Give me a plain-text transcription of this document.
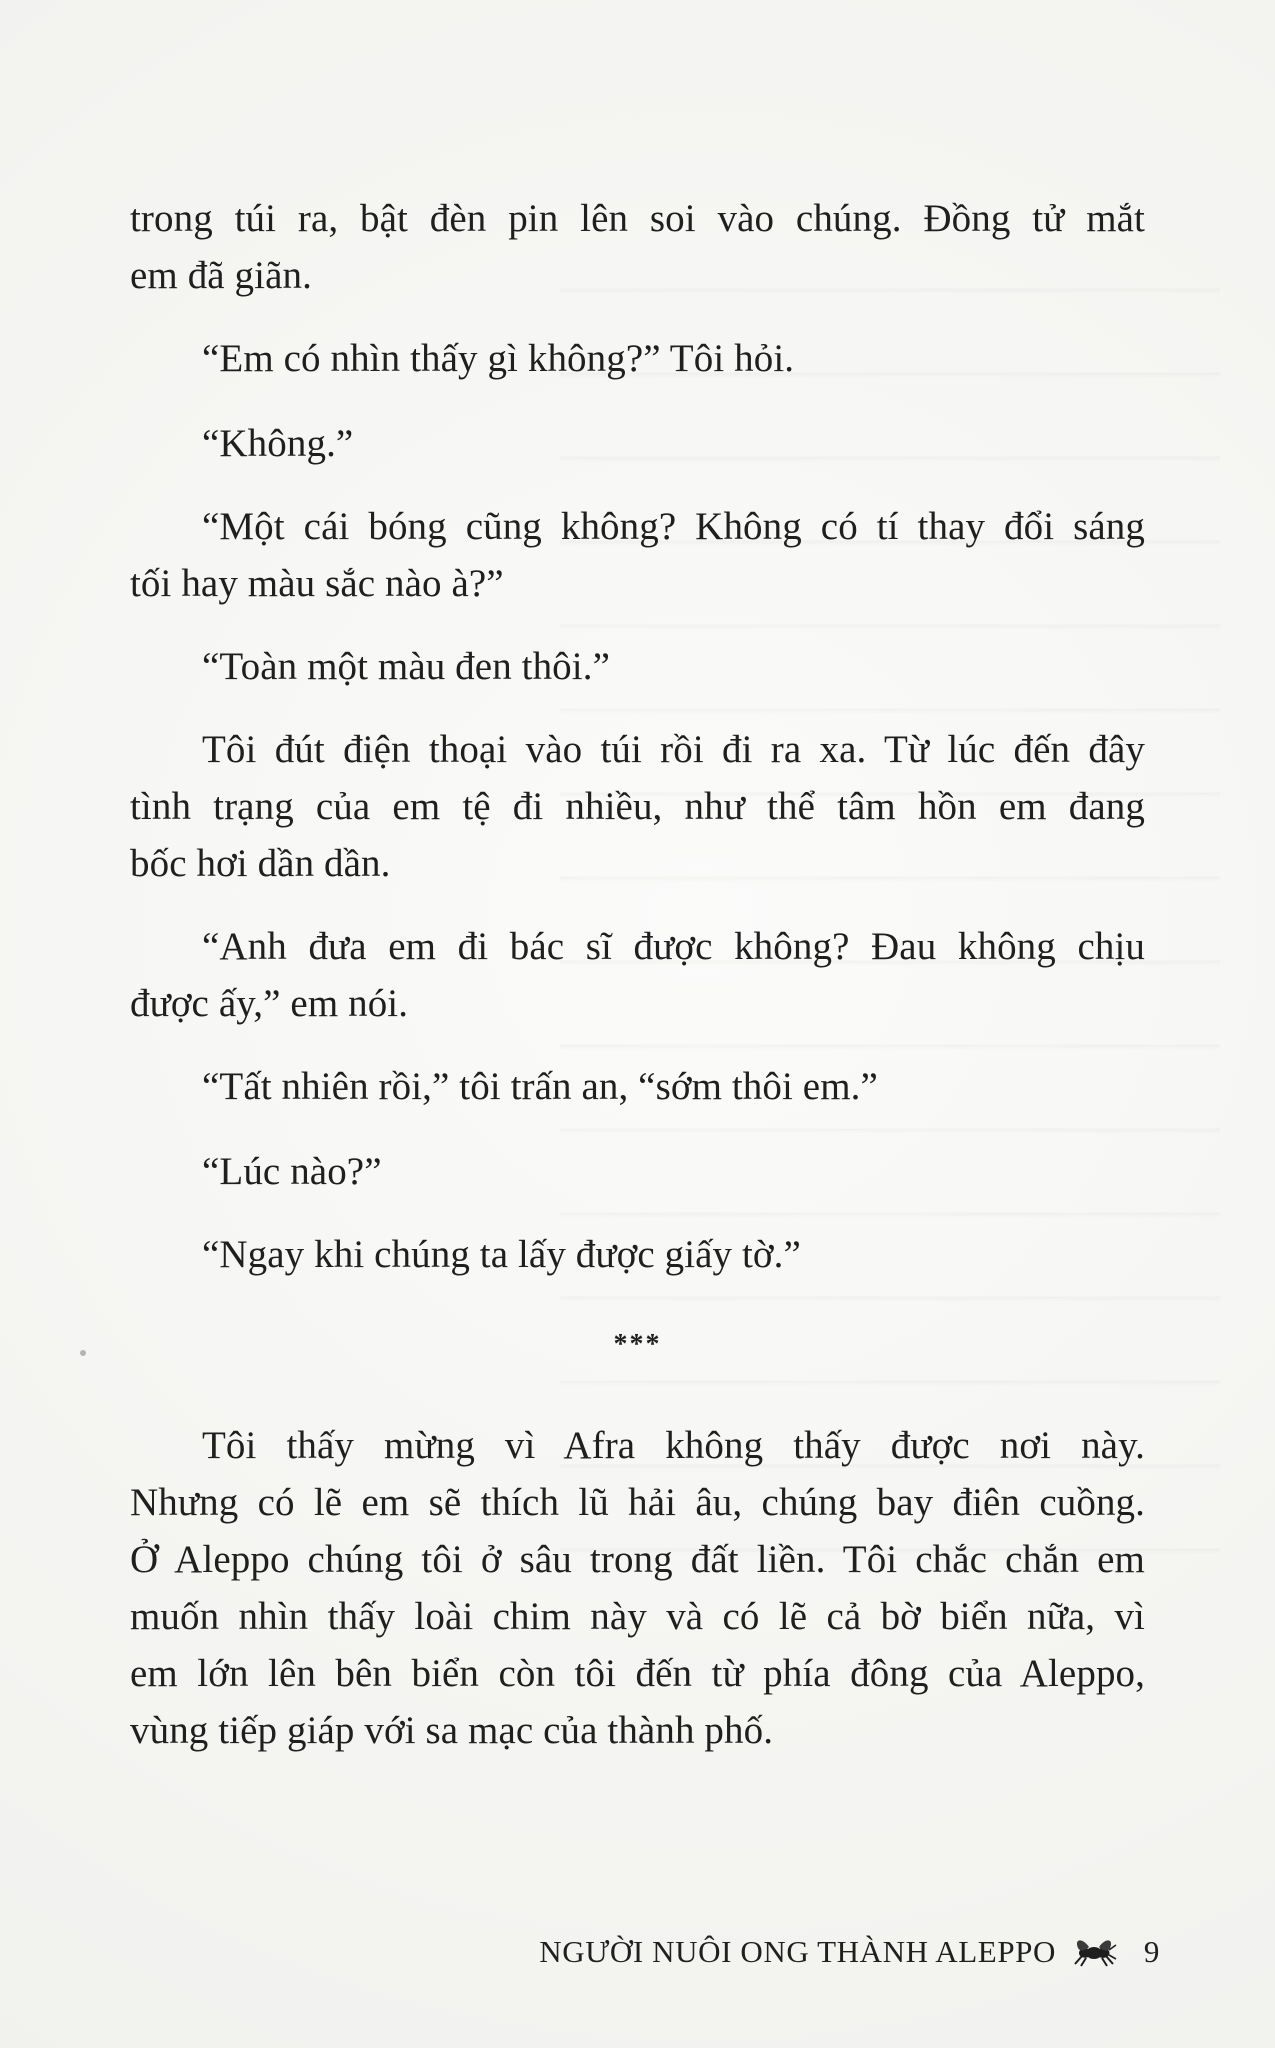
trong túi ra, bật đèn pin lên soi vào chúng. Đồng tử mắt
em đã giãn.
“Em có nhìn thấy gì không?” Tôi hỏi.
“Không.”
“Một cái bóng cũng không? Không có tí thay đổi sáng
tối hay màu sắc nào à?”
“Toàn một màu đen thôi.”
Tôi đút điện thoại vào túi rồi đi ra xa. Từ lúc đến đây
tình trạng của em tệ đi nhiều, như thể tâm hồn em đang
bốc hơi dần dần.
“Anh đưa em đi bác sĩ được không? Đau không chịu
được ấy,” em nói.
“Tất nhiên rồi,” tôi trấn an, “sớm thôi em.”
“Lúc nào?”
“Ngay khi chúng ta lấy được giấy tờ.”
***
Tôi thấy mừng vì Afra không thấy được nơi này.
Nhưng có lẽ em sẽ thích lũ hải âu, chúng bay điên cuồng.
Ở Aleppo chúng tôi ở sâu trong đất liền. Tôi chắc chắn em
muốn nhìn thấy loài chim này và có lẽ cả bờ biển nữa, vì
em lớn lên bên biển còn tôi đến từ phía đông của Aleppo,
vùng tiếp giáp với sa mạc của thành phố.
NGƯỜI NUÔI ONG THÀNH ALEPPO	9
